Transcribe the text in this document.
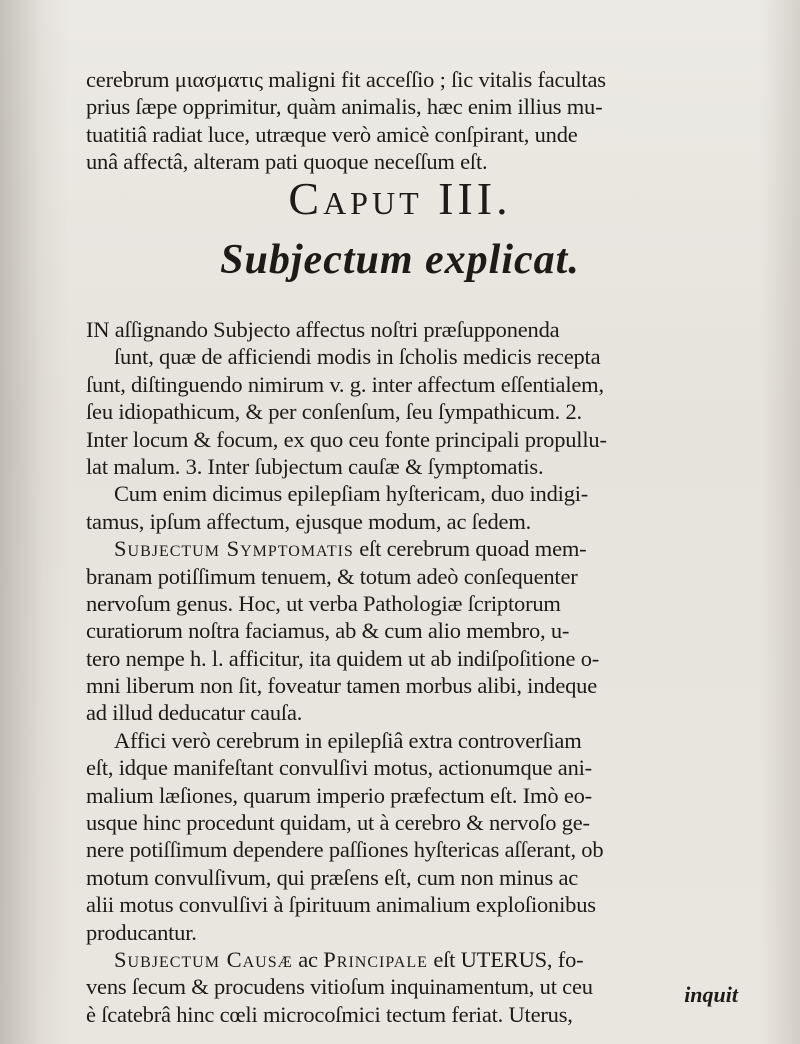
cerebrum μιασματις maligni fit acceſſio ; ſic vitalis facultas
prius ſæpe opprimitur, quàm animalis, hæc enim illius mu-
tuatitiâ radiat luce, utræque verò amicè conſpirant, unde
unâ affectâ, alteram pati quoque neceſſum eſt.
Caput III.
Subjectum explicat.
IN aſſignando Subjecto affectus noſtri præſupponenda
ſunt, quæ de afficiendi modis in ſcholis medicis recepta
ſunt, diſtinguendo nimirum v. g. inter affectum eſſentialem,
ſeu idiopathicum, & per conſenſum, ſeu ſympathicum. 2.
Inter locum & focum, ex quo ceu fonte principali propullu-
lat malum. 3. Inter ſubjectum cauſæ & ſymptomatis.
Cum enim dicimus epilepſiam hyſtericam, duo indigi-
tamus, ipſum affectum, ejusque modum, ac ſedem.
Subjectum Symptomatis eſt cerebrum quoad mem-
branam potiſſimum tenuem, & totum adeò conſequenter
nervoſum genus. Hoc, ut verba Pathologiæ ſcriptorum
curatiorum noſtra faciamus, ab & cum alio membro, u-
tero nempe h. l. afficitur, ita quidem ut ab indiſpoſitione o-
mni liberum non ſit, foveatur tamen morbus alibi, indeque
ad illud deducatur cauſa.
Affici verò cerebrum in epilepſiâ extra controverſiam
eſt, idque manifeſtant convulſivi motus, actionumque ani-
malium læſiones, quarum imperio præfectum eſt. Imò eo-
usque hinc procedunt quidam, ut à cerebro & nervoſo ge-
nere potiſſimum dependere paſſiones hyſtericas aſſerant, ob
motum convulſivum, qui præſens eſt, cum non minus ac
alii motus convulſivi à ſpirituum animalium exploſionibus
producantur.
Subjectum Causæ ac Principale eſt UTERUS, fo-
vens ſecum & procudens vitioſum inquinamentum, ut ceu
è ſcatebrâ hinc cœli microcoſmici tectum feriat. Uterus,
inquit
